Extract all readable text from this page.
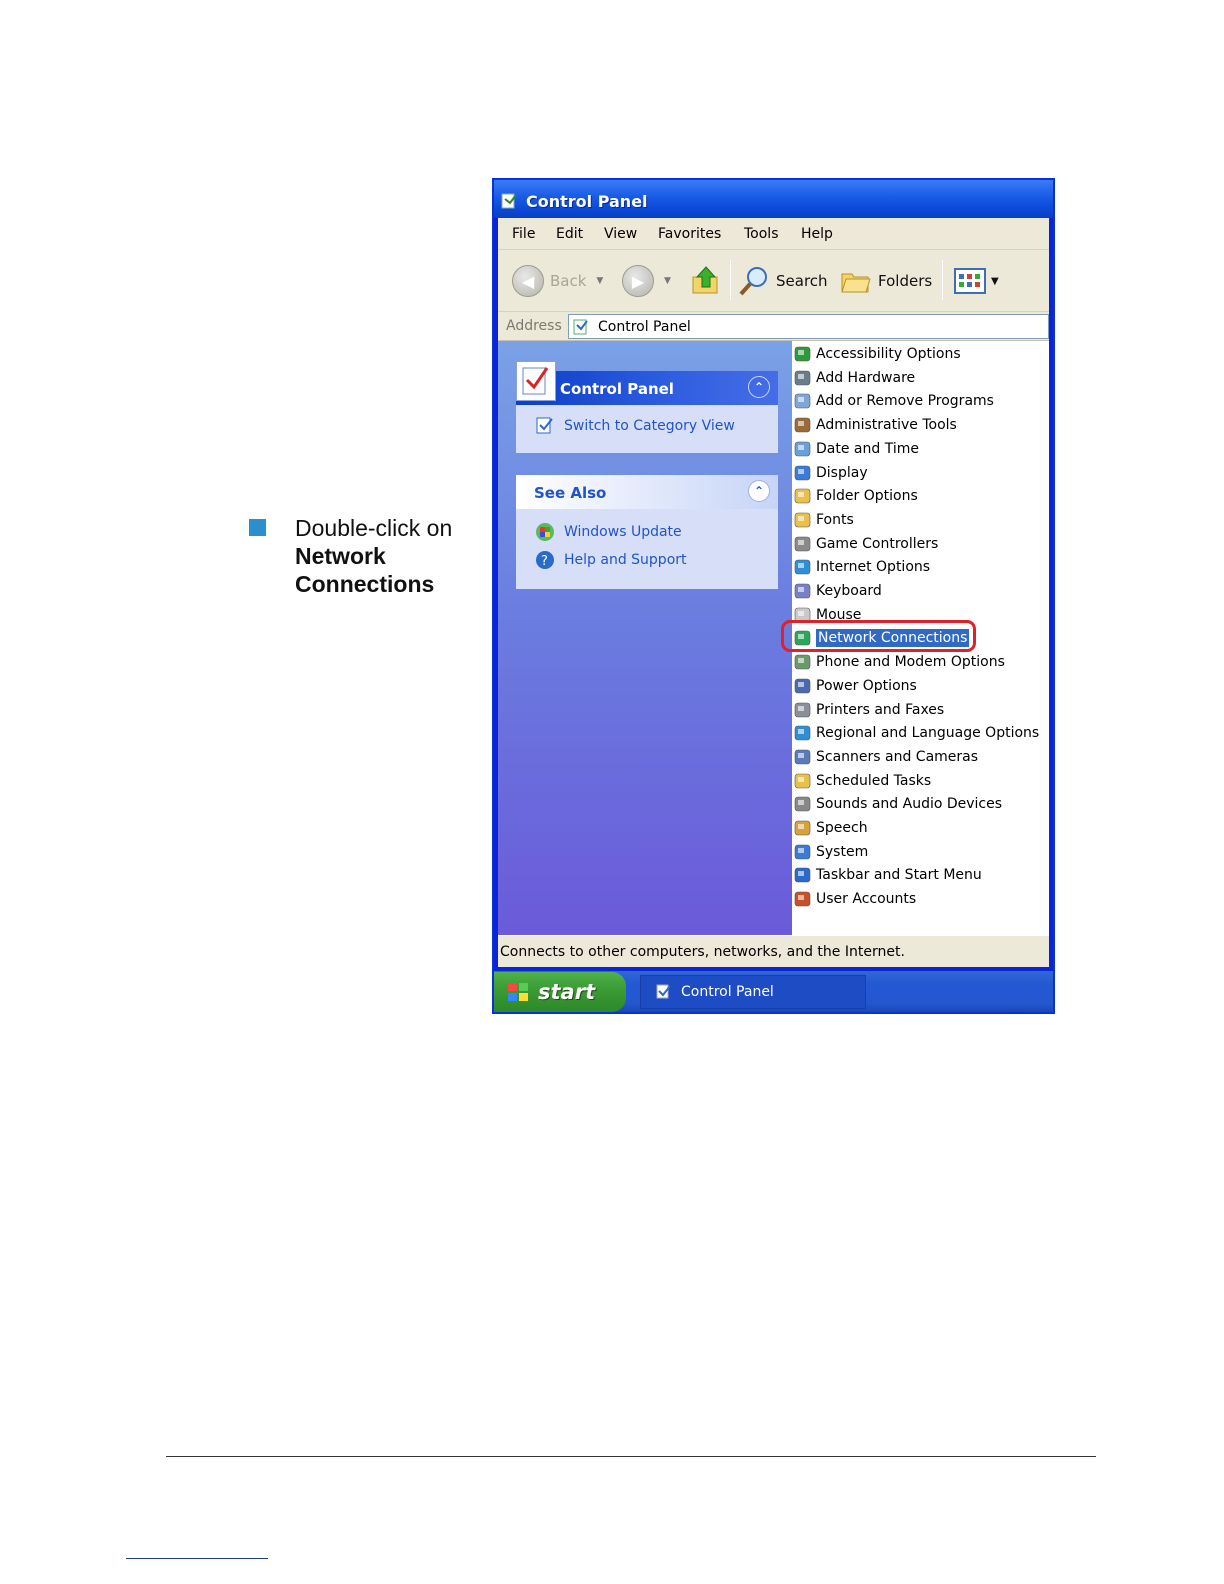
Double-click on
Network
Connections
Control Panel
File Edit View Favorites Tools Help
◀	Back ▼	▶	▼	Search	Folders	▼
Address	Control Panel
Control Panel	⌃
Switch to Category View
See Also	⌃
Windows Update
? Help and Support
Accessibility Options
Add Hardware
Add or Remove Programs
Administrative Tools
Date and Time
Display
Folder Options
Fonts
Game Controllers
Internet Options
Keyboard
Mouse
Network Connections
Phone and Modem Options
Power Options
Printers and Faxes
Regional and Language Options
Scanners and Cameras
Scheduled Tasks
Sounds and Audio Devices
Speech
System
Taskbar and Start Menu
User Accounts
Connects to other computers, networks, and the Internet.
start	Control Panel
